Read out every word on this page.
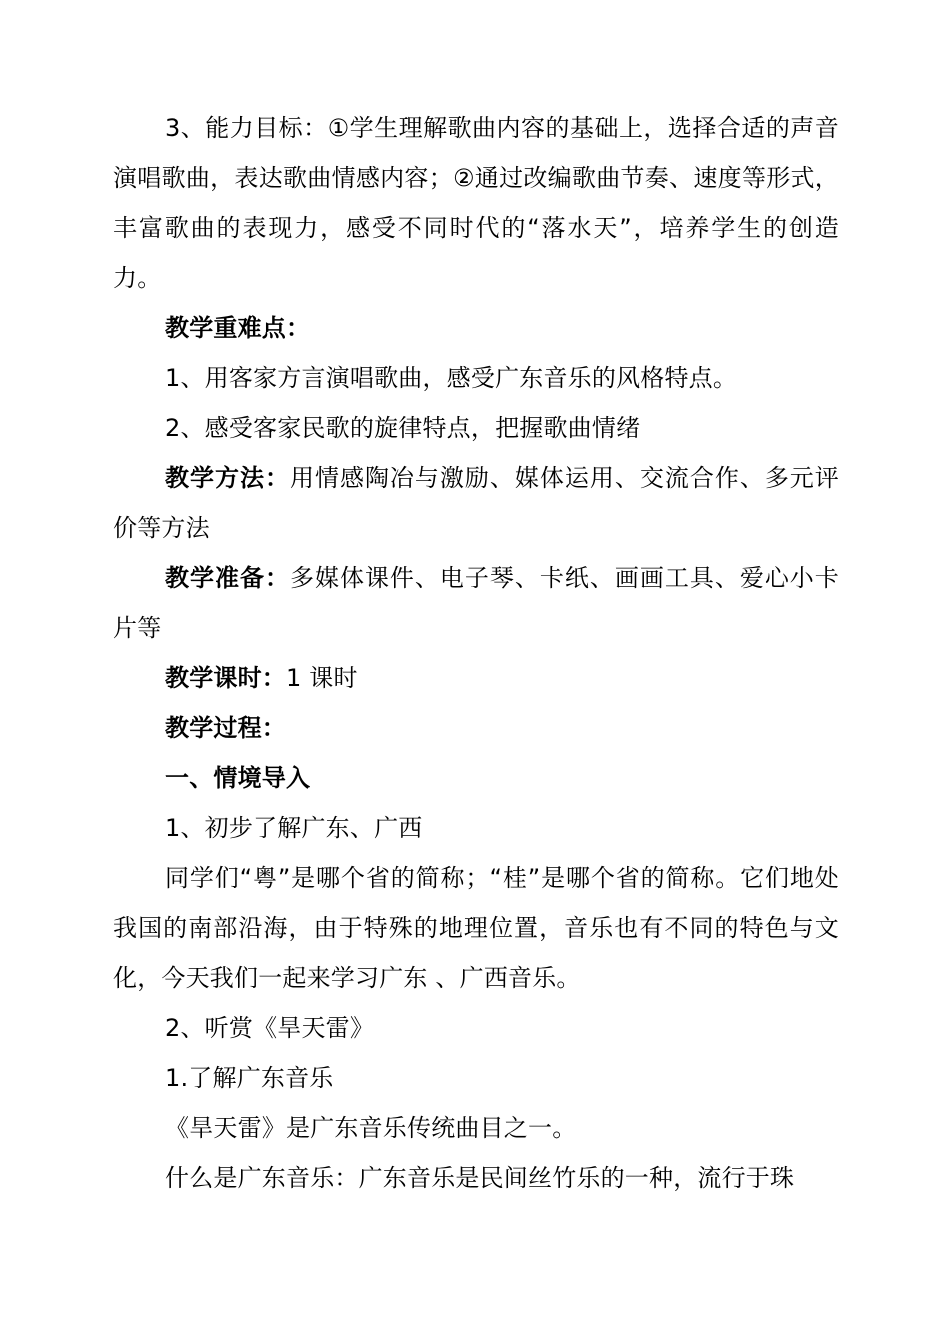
3、能力目标：①学生理解歌曲内容的基础上，选择合适的声音演唱歌曲，表达歌曲情感内容；②通过改编歌曲节奏、速度等形式，丰富歌曲的表现力，感受不同时代的“落水天”，培养学生的创造力。

教学重难点：

1、用客家方言演唱歌曲，感受广东音乐的风格特点。

2、感受客家民歌的旋律特点，把握歌曲情绪

教学方法：用情感陶冶与激励、媒体运用、交流合作、多元评价等方法

教学准备：多媒体课件、电子琴、卡纸、画画工具、爱心小卡片等

教学课时：1 课时

教学过程：

一、情境导入

1、初步了解广东、广西

同学们“粤”是哪个省的简称；“桂”是哪个省的简称。它们地处我国的南部沿海，由于特殊的地理位置，音乐也有不同的特色与文化，今天我们一起来学习广东 、广西音乐。

2、听赏《旱天雷》

1.了解广东音乐

《旱天雷》是广东音乐传统曲目之一。

什么是广东音乐：广东音乐是民间丝竹乐的一种，流行于珠
